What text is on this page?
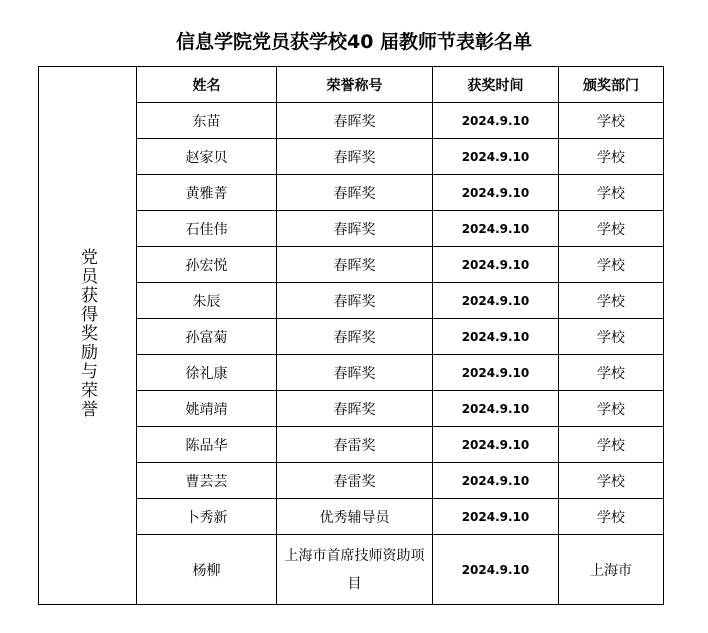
信息学院党员获学校40 届教师节表彰名单
党员获得奖励与荣誉	姓名	荣誉称号	获奖时间	颁奖部门
	东苗	春晖奖	2024.9.10	学校
	赵家贝	春晖奖	2024.9.10	学校
	黄雅菁	春晖奖	2024.9.10	学校
	石佳伟	春晖奖	2024.9.10	学校
	孙宏悦	春晖奖	2024.9.10	学校
	朱辰	春晖奖	2024.9.10	学校
	孙富菊	春晖奖	2024.9.10	学校
	徐礼康	春晖奖	2024.9.10	学校
	姚靖靖	春晖奖	2024.9.10	学校
	陈品华	春雷奖	2024.9.10	学校
	曹芸芸	春雷奖	2024.9.10	学校
	卜秀新	优秀辅导员	2024.9.10	学校
	杨柳	上海市首席技师资助项目	2024.9.10	上海市
